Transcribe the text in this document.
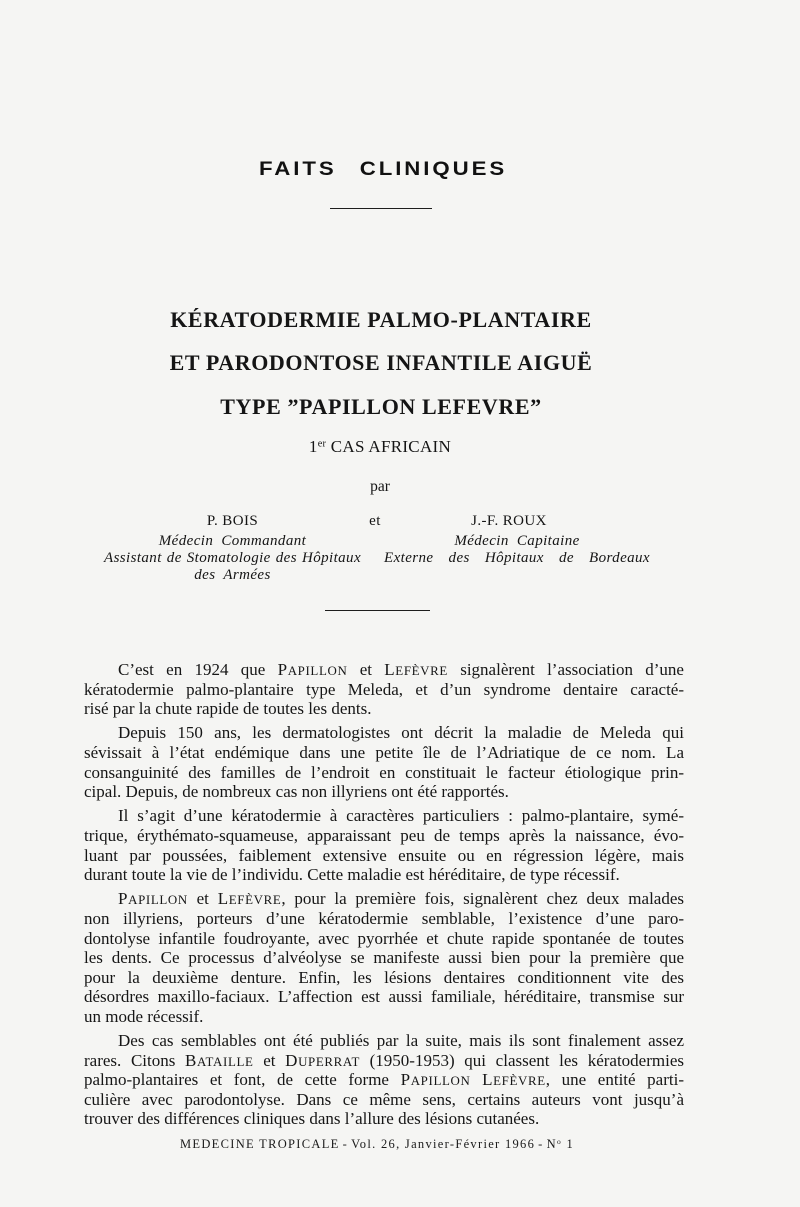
FAITS CLINIQUES
KÉRATODERMIE PALMO-PLANTAIRE
ET PARODONTOSE INFANTILE AIGUË
TYPE ”PAPILLON LEFEVRE”
1er CAS AFRICAIN
par
P. BOIS	et	J.-F. ROUX
Médecin Commandant
Assistant de Stomatologie des Hôpitaux
des Armées
Médecin Capitaine
Externe des Hôpitaux de Bordeaux
C’est en 1924 que PAPILLON et LEFÈVRE signalèrent l’association d’une
kératodermie palmo-plantaire type Meleda, et d’un syndrome dentaire caracté-
risé par la chute rapide de toutes les dents.
Depuis 150 ans, les dermatologistes ont décrit la maladie de Meleda qui
sévissait à l’état endémique dans une petite île de l’Adriatique de ce nom. La
consanguinité des familles de l’endroit en constituait le facteur étiologique prin-
cipal. Depuis, de nombreux cas non illyriens ont été rapportés.
Il s’agit d’une kératodermie à caractères particuliers : palmo-plantaire, symé-
trique, érythémato-squameuse, apparaissant peu de temps après la naissance, évo-
luant par poussées, faiblement extensive ensuite ou en régression légère, mais
durant toute la vie de l’individu. Cette maladie est héréditaire, de type récessif.
PAPILLON et LEFÈVRE, pour la première fois, signalèrent chez deux malades
non illyriens, porteurs d’une kératodermie semblable, l’existence d’une paro-
dontolyse infantile foudroyante, avec pyorrhée et chute rapide spontanée de toutes
les dents. Ce processus d’alvéolyse se manifeste aussi bien pour la première que
pour la deuxième denture. Enfin, les lésions dentaires conditionnent vite des
désordres maxillo-faciaux. L’affection est aussi familiale, héréditaire, transmise sur
un mode récessif.
Des cas semblables ont été publiés par la suite, mais ils sont finalement assez
rares. Citons BATAILLE et DUPERRAT (1950-1953) qui classent les kératodermies
palmo-plantaires et font, de cette forme PAPILLON LEFÈVRE, une entité parti-
culière avec parodontolyse. Dans ce même sens, certains auteurs vont jusqu’à
trouver des différences cliniques dans l’allure des lésions cutanées.
MEDECINE TROPICALE - Vol. 26, Janvier-Février $1966 - N^o$ 1
